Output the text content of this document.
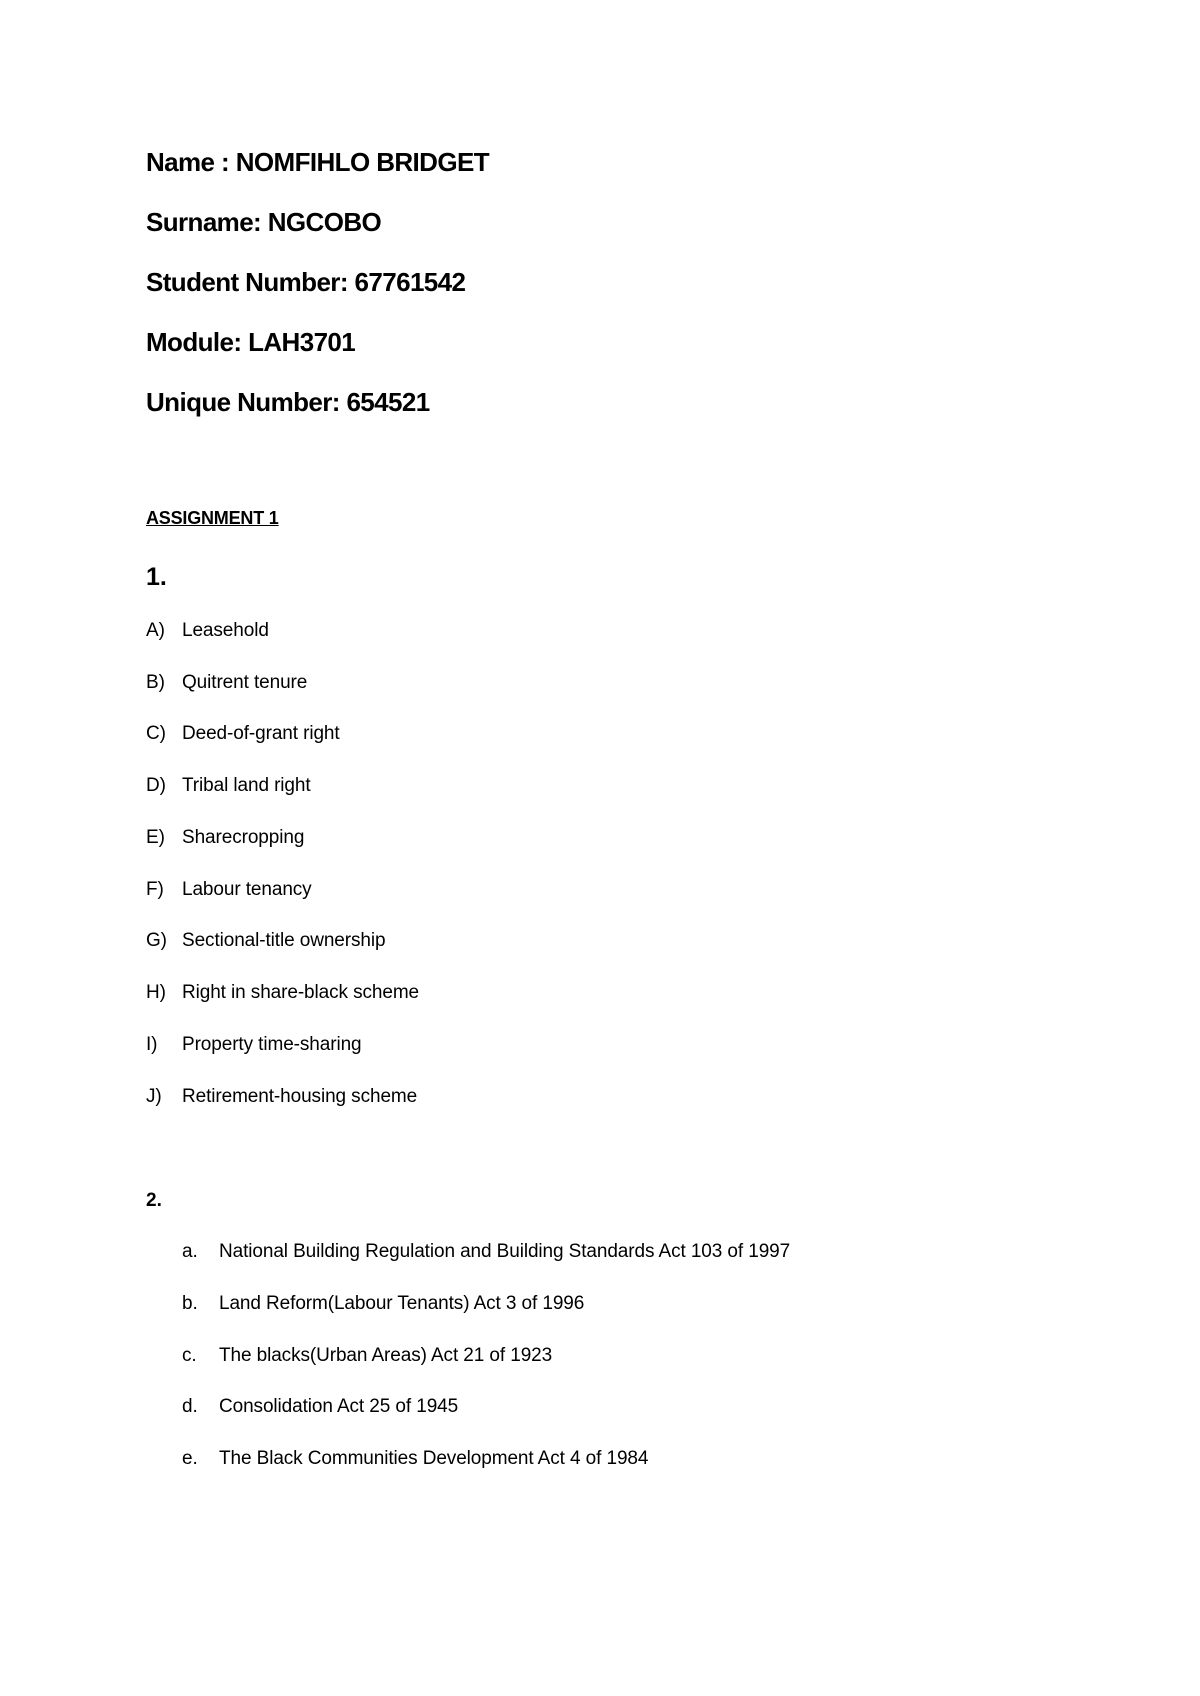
Name : NOMFIHLO BRIDGET
Surname: NGCOBO
Student Number: 67761542
Module: LAH3701
Unique Number: 654521
ASSIGNMENT 1
1.
A) Leasehold
B) Quitrent tenure
C) Deed-of-grant right
D) Tribal land right
E) Sharecropping
F) Labour tenancy
G) Sectional-title ownership
H) Right in share-black scheme
I) Property time-sharing
J) Retirement-housing scheme
2.
a. National Building Regulation and Building Standards Act 103 of 1997
b. Land Reform(Labour Tenants) Act 3 of 1996
c. The blacks(Urban Areas) Act 21 of 1923
d. Consolidation Act 25 of 1945
e. The Black Communities Development Act 4 of 1984
